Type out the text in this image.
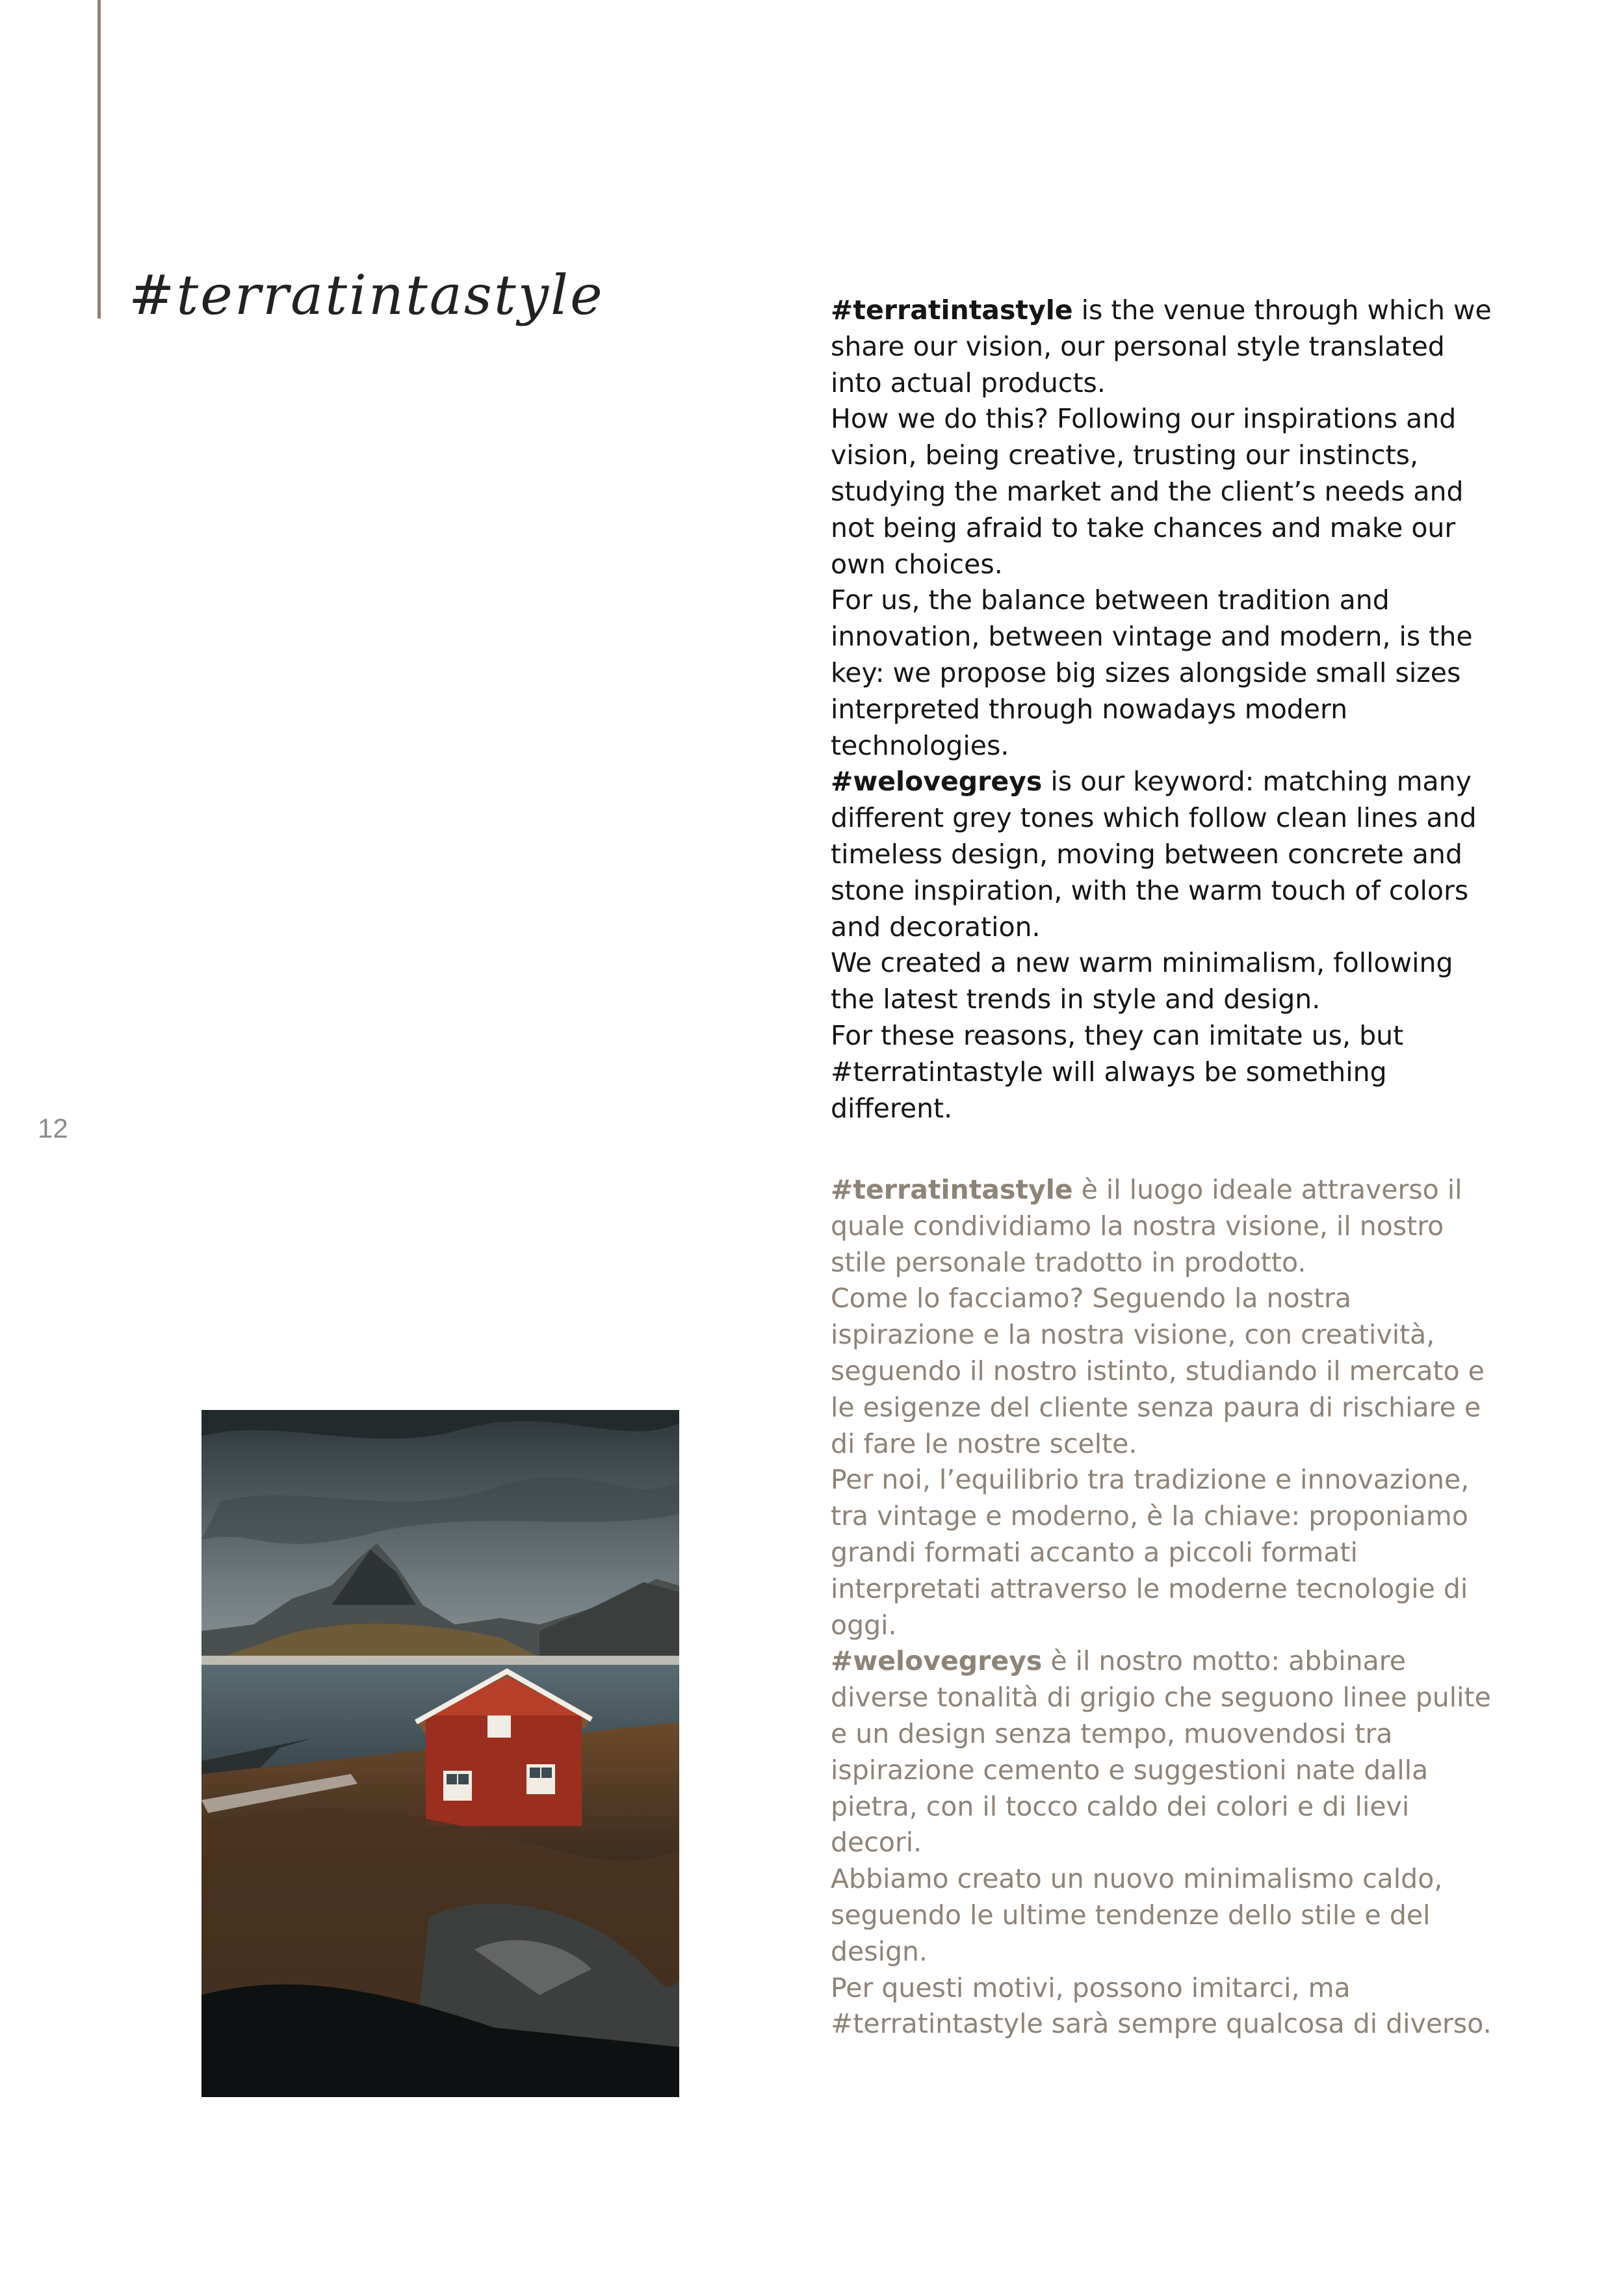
#terratintastyle
12

#terratintastyle is the venue through which we share our vision, our personal style translated into actual products.

How we do this? Following our inspirations and vision, being creative, trusting our instincts, studying the market and the client’s needs and not being afraid to take chances and make our own choices.

For us, the balance between tradition and innovation, between vintage and modern, is the key: we propose big sizes alongside small sizes interpreted through nowadays modern technologies.

#welovegreys is our keyword: matching many different grey tones which follow clean lines and timeless design, moving between concrete and stone inspiration, with the warm touch of colors and decoration.

We created a new warm minimalism, following the latest trends in style and design.

For these reasons, they can imitate us, but #terratintastyle will always be something different.

#terratintastyle è il luogo ideale attraverso il quale condividiamo la nostra visione, il nostro stile personale tradotto in prodotto.

Come lo facciamo? Seguendo la nostra ispirazione e la nostra visione, con creatività, seguendo il nostro istinto, studiando il mercato e le esigenze del cliente senza paura di rischiare e di fare le nostre scelte.

Per noi, l’equilibrio tra tradizione e innovazione, tra vintage e moderno, è la chiave: proponiamo grandi formati accanto a piccoli formati interpretati attraverso le moderne tecnologie di oggi.

#welovegreys è il nostro motto: abbinare diverse tonalità di grigio che seguono linee pulite e un design senza tempo, muovendosi tra ispirazione cemento e suggestioni nate dalla pietra, con il tocco caldo dei colori e di lievi decori.

Abbiamo creato un nuovo minimalismo caldo, seguendo le ultime tendenze dello stile e del design.

Per questi motivi, possono imitarci, ma #terratintastyle sarà sempre qualcosa di diverso.
